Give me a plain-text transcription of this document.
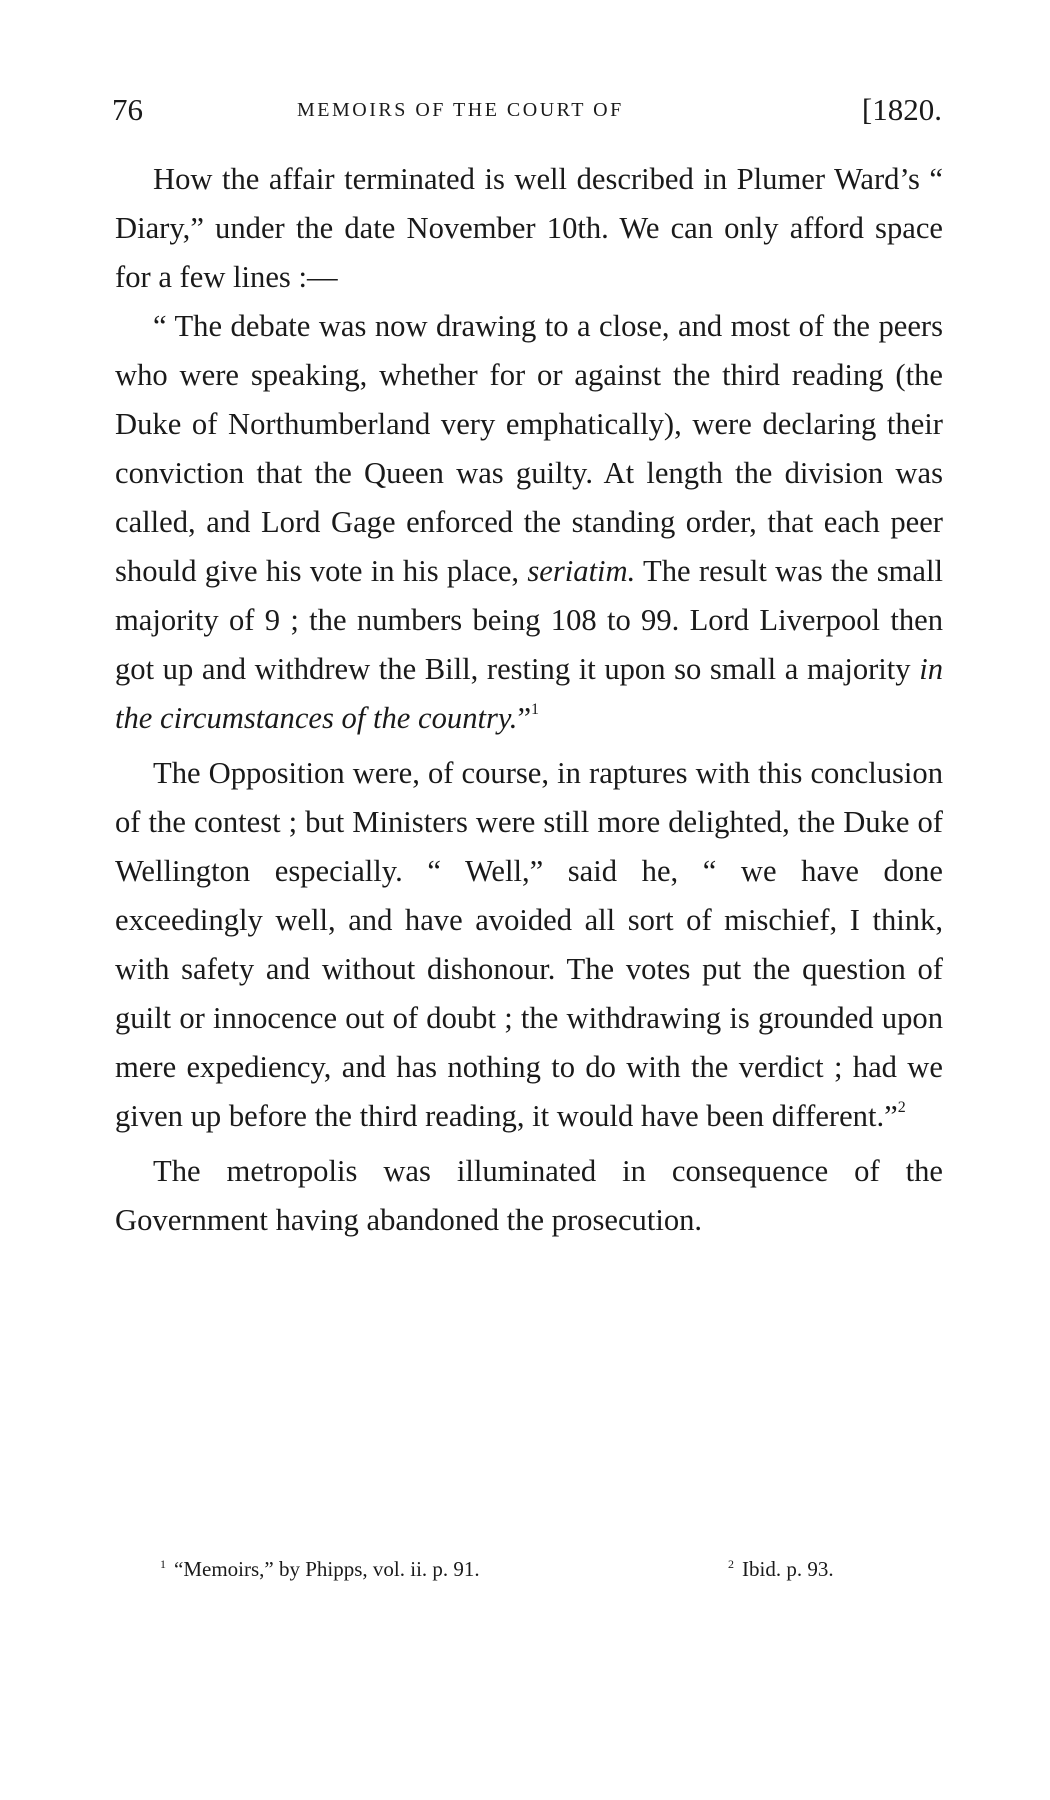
76	MEMOIRS OF THE COURT OF	[1820.

How the affair terminated is well described in Plumer Ward’s “ Diary,” under the date November 10th. We can only afford space for a few lines :—

“ The debate was now drawing to a close, and most of the peers who were speaking, whether for or against the third reading (the Duke of Northumberland very emphatically), were declaring their conviction that the Queen was guilty. At length the division was called, and Lord Gage enforced the standing order, that each peer should give his vote in his place, seriatim. The result was the small majority of 9 ; the numbers being 108 to 99. Lord Liverpool then got up and withdrew the Bill, resting it upon so small a majority in the circumstances of the country.”$^1$

The Opposition were, of course, in raptures with this conclusion of the contest ; but Ministers were still more delighted, the Duke of Wellington especially. “ Well,” said he, “ we have done exceedingly well, and have avoided all sort of mischief, I think, with safety and without dishonour. The votes put the question of guilt or innocence out of doubt ; the withdrawing is grounded upon mere expediency, and has nothing to do with the verdict ; had we given up before the third reading, it would have been different.”$^2$

The metropolis was illuminated in consequence of the Government having abandoned the prosecution.

$^1$ “Memoirs,” by Phipps, vol. ii. p. 91.	$^2$ Ibid. p. 93.
